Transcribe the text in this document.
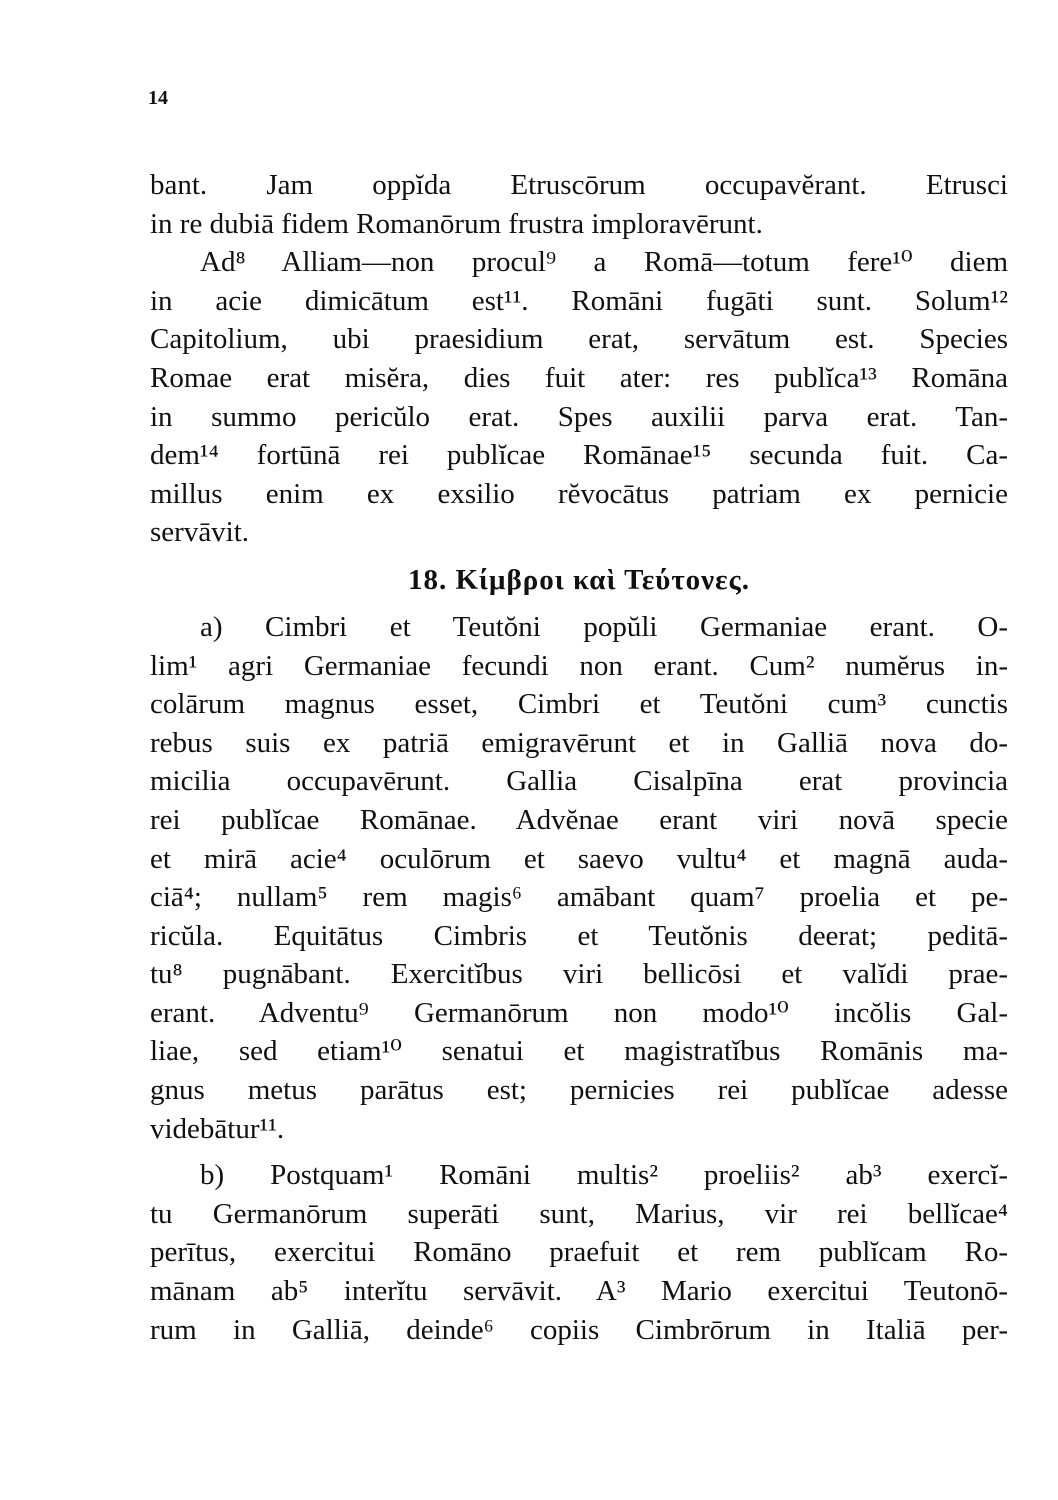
14

bant. Jam oppĭda Etruscōrum occupavĕrant. Etrusci

in re dubiā fidem Romanōrum frustra imploravērunt.

Ad⁸ Alliam—non procul⁹ a Romā—totum fere¹⁰ diem

in acie dimicātum est¹¹. Romāni fugāti sunt. Solum¹²

Capitolium, ubi praesidium erat, servātum est. Species

Romae erat misĕra, dies fuit ater: res publĭca¹³ Romāna

in summo pericŭlo erat. Spes auxilii parva erat. Tan-

dem¹⁴ fortūnā rei publĭcae Romānae¹⁵ secunda fuit. Ca-

millus enim ex exsilio rĕvocātus patriam ex pernicie

servāvit.

18. Κίμβροι καὶ Τεύτονες.

a) Cimbri et Teutŏni popŭli Germaniae erant. O-

lim¹ agri Germaniae fecundi non erant. Cum² numĕrus in-

colārum magnus esset, Cimbri et Teutŏni cum³ cunctis

rebus suis ex patriā emigravērunt et in Galliā nova do-

micilia occupavērunt. Gallia Cisalpīna erat provincia

rei publĭcae Romānae. Advĕnae erant viri novā specie

et mirā acie⁴ oculōrum et saevo vultu⁴ et magnā auda-

ciā⁴; nullam⁵ rem magis⁶ amābant quam⁷ proelia et pe-

ricŭla. Equitātus Cimbris et Teutŏnis deerat; peditā-

tu⁸ pugnābant. Exercitĭbus viri bellicōsi et valĭdi prae-

erant. Adventu⁹ Germanōrum non modo¹⁰ incŏlis Gal-

liae, sed etiam¹⁰ senatui et magistratĭbus Romānis ma-

gnus metus parātus est; pernicies rei publĭcae adesse

videbātur¹¹.

b) Postquam¹ Romāni multis² proeliis² ab³ exercĭ-

tu Germanōrum superāti sunt, Marius, vir rei bellĭcae⁴

perītus, exercitui Romāno praefuit et rem publĭcam Ro-

mānam ab⁵ interĭtu servāvit. A³ Mario exercitui Teutonō-

rum in Galliā, deinde⁶ copiis Cimbrōrum in Italiā per-
